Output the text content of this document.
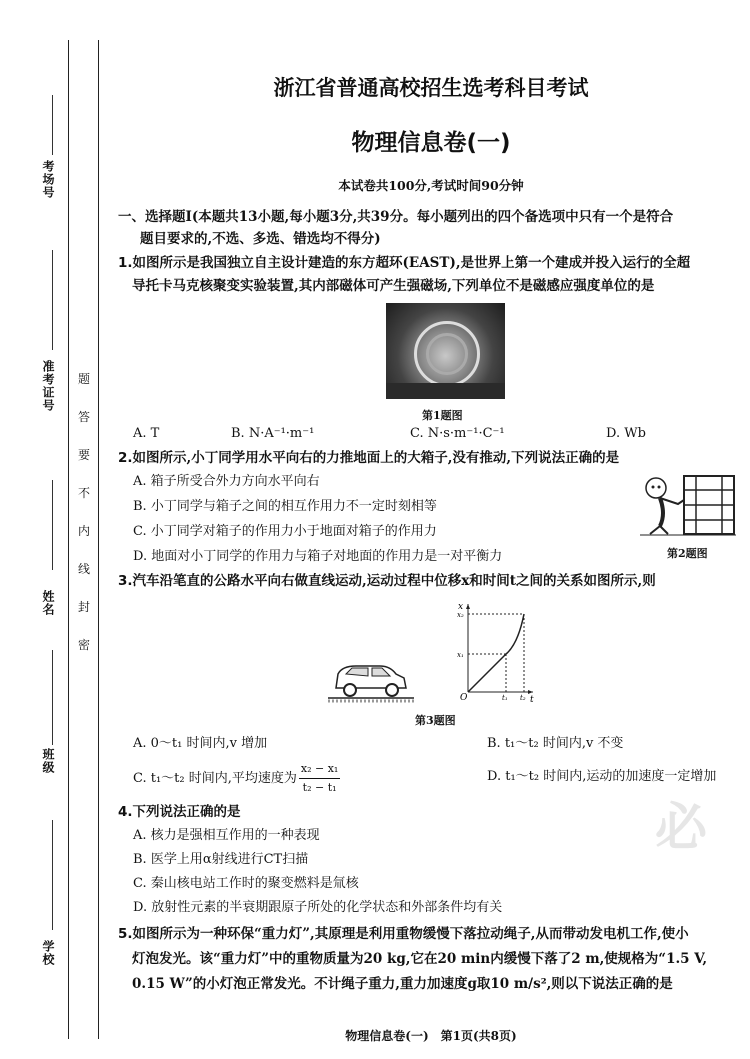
考场号
准考证号
姓名
班级
学校
题
答
要
不
内
线
封
密
浙江省普通高校招生选考科目考试
物理信息卷(一)
本试卷共100分,考试时间90分钟
一、选择题Ⅰ(本题共13小题,每小题3分,共39分。每小题列出的四个备选项中只有一个是符合
题目要求的,不选、多选、错选均不得分)
1.如图所示是我国独立自主设计建造的东方超环(EAST),是世界上第一个建成并投入运行的全超
导托卡马克核聚变实验装置,其内部磁体可产生强磁场,下列单位不是磁感应强度单位的是
第1题图
A. T	B. N·A⁻¹·m⁻¹	C. N·s·m⁻¹·C⁻¹	D. Wb
2.如图所示,小丁同学用水平向右的力推地面上的大箱子,没有推动,下列说法正确的是
A. 箱子所受合外力方向水平向右
B. 小丁同学与箱子之间的相互作用力不一定时刻相等
C. 小丁同学对箱子的作用力小于地面对箱子的作用力
D. 地面对小丁同学的作用力与箱子对地面的作用力是一对平衡力	第2题图
3.汽车沿笔直的公路水平向右做直线运动,运动过程中位移x和时间t之间的关系如图所示,则
x
t
O	t₁ t₂
x₁
x₂
第3题图
A. 0～t₁ 时间内,v 增加	B. t₁～t₂ 时间内,v 不变
C. t₁～t₂ 时间内,平均速度为 $\frac{\text{x₂ − x₁}}{\text{t₂ − t₁}}$	D. t₁～t₂ 时间内,运动的加速度一定增加
必
4.下列说法正确的是
A. 核力是强相互作用的一种表现
B. 医学上用α射线进行CT扫描
C. 秦山核电站工作时的聚变燃料是氚核
D. 放射性元素的半衰期跟原子所处的化学状态和外部条件均有关
5.如图所示为一种环保“重力灯”,其原理是利用重物缓慢下落拉动绳子,从而带动发电机工作,使小
灯泡发光。该“重力灯”中的重物质量为20 kg,它在20 min内缓慢下落了2 m,使规格为“1.5 V,
0.15 W”的小灯泡正常发光。不计绳子重力,重力加速度g取10 m/s²,则以下说法正确的是
物理信息卷(一)　第1页(共8页)
